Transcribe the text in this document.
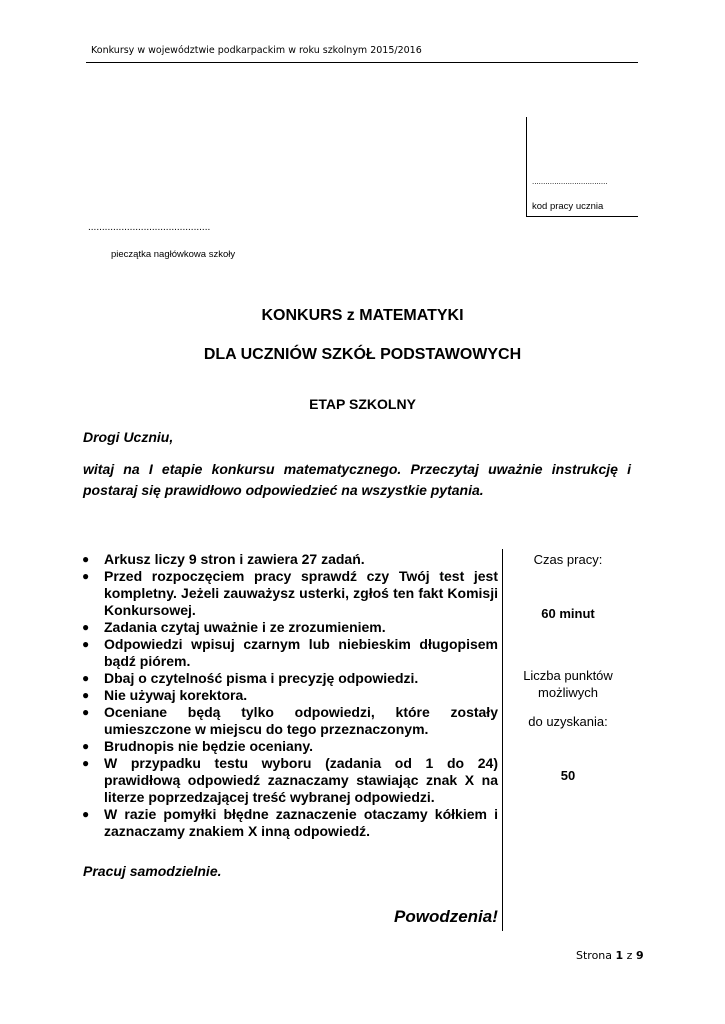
Konkursy w województwie podkarpackim w roku szkolnym 2015/2016
..................................
kod pracy ucznia
............................................
pieczątka nagłówkowa szkoły
KONKURS z MATEMATYKI
DLA UCZNIÓW SZKÓŁ PODSTAWOWYCH
ETAP SZKOLNY
Drogi Uczniu,
witaj na I etapie konkursu matematycznego. Przeczytaj uważnie instrukcję i postaraj się prawidłowo odpowiedzieć na wszystkie pytania.
● Arkusz liczy 9 stron i zawiera 27 zadań.
● Przed rozpoczęciem pracy sprawdź czy Twój test jest kompletny. Jeżeli zauważysz usterki, zgłoś ten fakt Komisji Konkursowej.
● Zadania czytaj uważnie i ze zrozumieniem.
● Odpowiedzi wpisuj czarnym lub niebieskim długopisem bądź piórem.
● Dbaj o czytelność pisma i precyzję odpowiedzi.
● Nie używaj korektora.
● Oceniane będą tylko odpowiedzi, które zostały umieszczone w miejscu do tego przeznaczonym.
● Brudnopis nie będzie oceniany.
● W przypadku testu wyboru (zadania od 1 do 24) prawidłową odpowiedź zaznaczamy stawiając znak X na literze poprzedzającej treść wybranej odpowiedzi.
● W razie pomyłki błędne zaznaczenie otaczamy kółkiem i zaznaczamy znakiem X inną odpowiedź.
Pracuj samodzielnie.
Powodzenia!
Czas pracy:
60 minut
Liczba punktów możliwych
do uzyskania:
50
Strona 1 z 9
